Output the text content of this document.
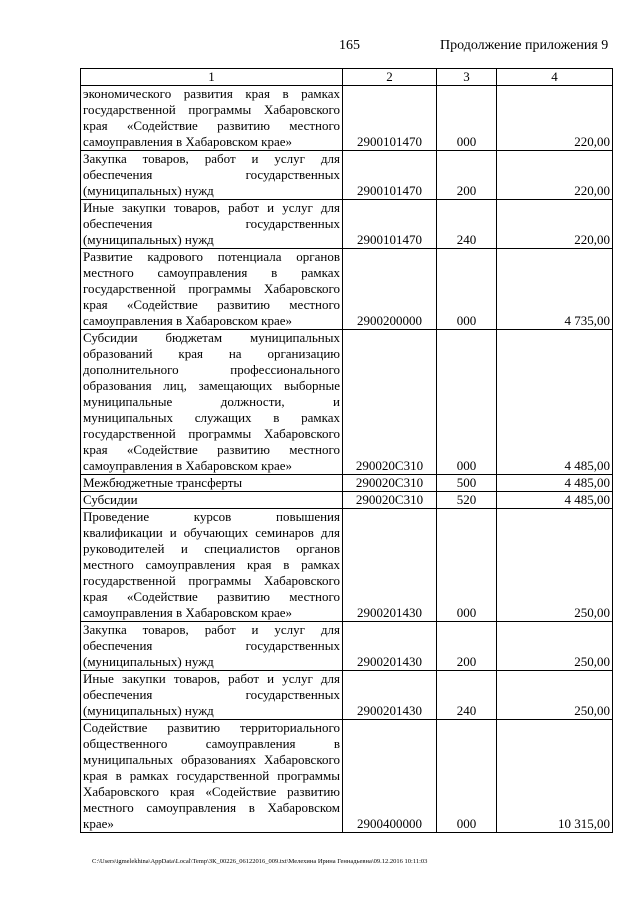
165	Продолжение приложения 9
1	2	3	4
экономического развития края в рамках государственной программы Хабаровского края «Содействие развитию местного самоуправления в Хабаровском крае»	2900101470	000	220,00
Закупка товаров, работ и услуг для обеспечения государственных (муниципальных) нужд	2900101470	200	220,00
Иные закупки товаров, работ и услуг для обеспечения государственных (муниципальных) нужд	2900101470	240	220,00
Развитие кадрового потенциала органов местного самоуправления в рамках государственной программы Хабаровского края «Содействие развитию местного самоуправления в Хабаровском крае»	2900200000	000	4 735,00
Субсидии бюджетам муниципальных образований края на организацию дополнительного профессионального образования лиц, замещающих выборные муниципальные должности, и муниципальных служащих в рамках государственной программы Хабаровского края «Содействие развитию местного самоуправления в Хабаровском крае»	290020С310	000	4 485,00
Межбюджетные трансферты	290020С310	500	4 485,00
Субсидии	290020С310	520	4 485,00
Проведение курсов повышения квалификации и обучающих семинаров для руководителей и специалистов органов местного самоуправления края в рамках государственной программы Хабаровского края «Содействие развитию местного самоуправления в Хабаровском крае»	2900201430	000	250,00
Закупка товаров, работ и услуг для обеспечения государственных (муниципальных) нужд	2900201430	200	250,00
Иные закупки товаров, работ и услуг для обеспечения государственных (муниципальных) нужд	2900201430	240	250,00
Содействие развитию территориального общественного самоуправления в муниципальных образованиях Хабаровского края в рамках государственной программы Хабаровского края «Содействие развитию местного самоуправления в Хабаровском крае»	2900400000	000	10 315,00
C:\Users\igmelekhina\AppData\Local\Temp\ЗК_00226_06122016_009.txt\Мелехина Ирина Геннадьевна\09.12.2016 10:11:03
